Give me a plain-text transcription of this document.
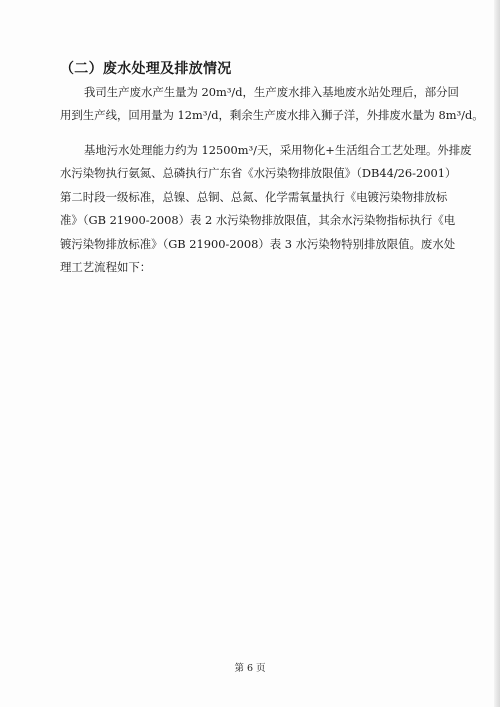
（二）废水处理及排放情况
我司生产废水产生量为 20m³/d，生产废水排入基地废水站处理后，部分回
用到生产线，回用量为 12m³/d，剩余生产废水排入狮子洋，外排废水量为 8m³/d。
基地污水处理能力约为 12500m³/天，采用物化+生活组合工艺处理。外排废
水污染物执行氨氮、总磷执行广东省《水污染物排放限值》（DB44/26-2001）
第二时段一级标准，总镍、总铜、总氮、化学需氧量执行《电镀污染物排放标
准》（GB 21900-2008）表 2 水污染物排放限值，其余水污染物指标执行《电
镀污染物排放标准》（GB 21900-2008）表 3 水污染物特别排放限值。废水处
理工艺流程如下：
第 6 页
